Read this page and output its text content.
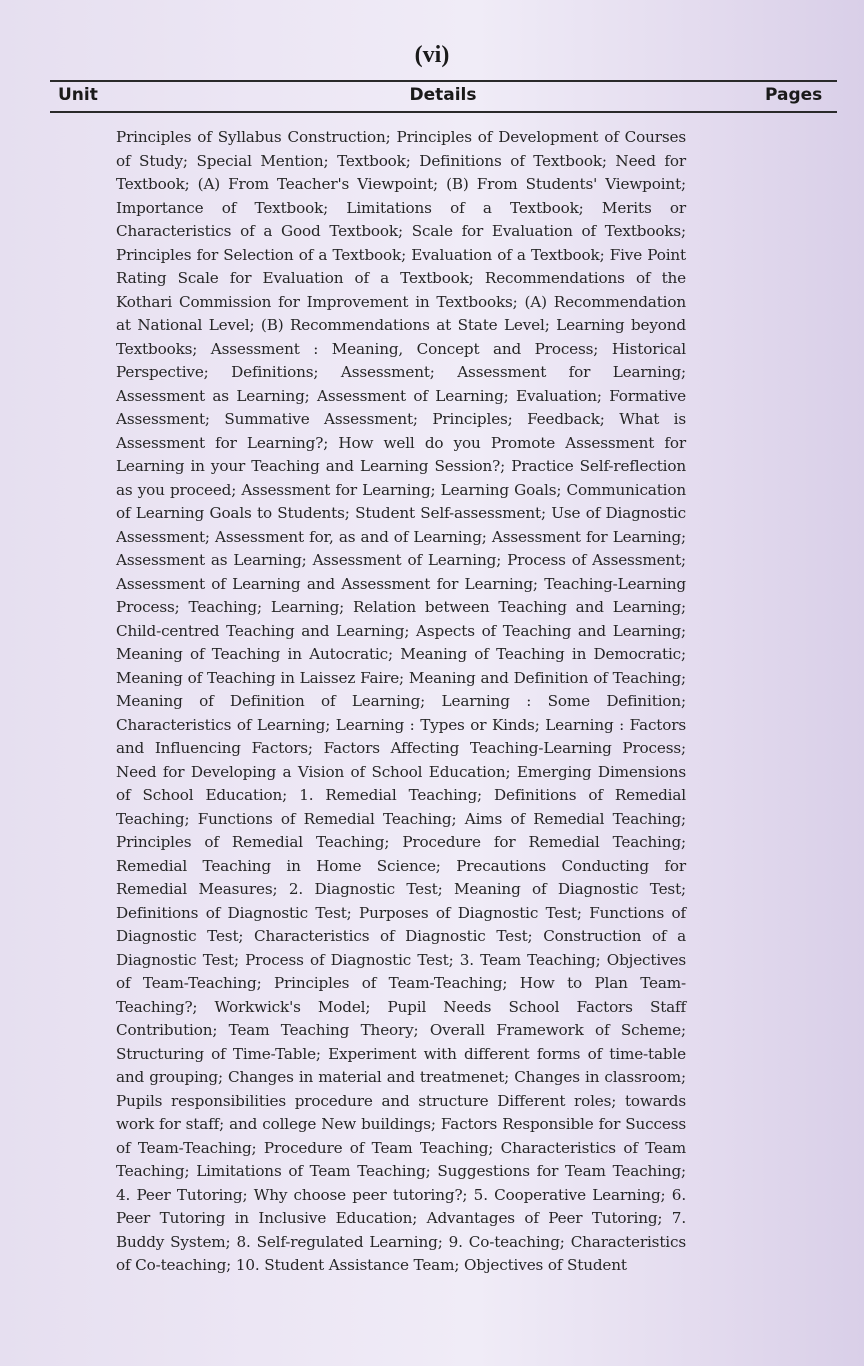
(vi)
Unit	Details	Pages

Principles of Syllabus Construction; Principles of Development of Courses of Study; Special Mention; Textbook; Definitions of Textbook; Need for Textbook; (A) From Teacher's Viewpoint; (B) From Students' Viewpoint; Importance of Textbook; Limitations of a Textbook; Merits or Characteristics of a Good Textbook; Scale for Evaluation of Textbooks; Principles for Selection of a Textbook; Evaluation of a Textbook; Five Point Rating Scale for Evaluation of a Textbook; Recommendations of the Kothari Commission for Improvement in Textbooks; (A) Recommendation at National Level; (B) Recommendations at State Level; Learning beyond Textbooks; Assessment : Meaning, Concept and Process; Historical Perspective; Definitions; Assessment; Assessment for Learning; Assessment as Learning; Assessment of Learning; Evaluation; Formative Assessment; Summative Assessment; Principles; Feedback; What is Assessment for Learning?; How well do you Promote Assessment for Learning in your Teaching and Learning Session?; Practice Self-reflection as you proceed; Assessment for Learning; Learning Goals; Communication of Learning Goals to Students; Student Self-assessment; Use of Diagnostic Assessment; Assessment for, as and of Learning; Assessment for Learning; Assessment as Learning; Assessment of Learning; Process of Assessment; Assessment of Learning and Assessment for Learning; Teaching-Learning Process; Teaching; Learning; Relation between Teaching and Learning; Child-centred Teaching and Learning; Aspects of Teaching and Learning; Meaning of Teaching in Autocratic; Meaning of Teaching in Democratic; Meaning of Teaching in Laissez Faire; Meaning and Definition of Teaching; Meaning of Definition of Learning; Learning : Some Definition; Characteristics of Learning; Learning : Types or Kinds; Learning : Factors and Influencing Factors; Factors Affecting Teaching-Learning Process; Need for Developing a Vision of School Education; Emerging Dimensions of School Education; 1. Remedial Teaching; Definitions of Remedial Teaching; Functions of Remedial Teaching; Aims of Remedial Teaching; Principles of Remedial Teaching; Procedure for Remedial Teaching; Remedial Teaching in Home Science; Precautions Conducting for Remedial Measures; 2. Diagnostic Test; Meaning of Diagnostic Test; Definitions of Diagnostic Test; Purposes of Diagnostic Test; Functions of Diagnostic Test; Characteristics of Diagnostic Test; Construction of a Diagnostic Test; Process of Diagnostic Test; 3. Team Teaching; Objectives of Team-Teaching; Principles of Team-Teaching; How to Plan Team-Teaching?; Workwick's Model; Pupil Needs School Factors Staff Contribution; Team Teaching Theory; Overall Framework of Scheme; Structuring of Time-Table; Experiment with different forms of time-table and grouping; Changes in material and treatmenet; Changes in classroom; Pupils responsibilities procedure and structure Different roles; towards work for staff; and college New buildings; Factors Responsible for Success of Team-Teaching; Procedure of Team Teaching; Characteristics of Team Teaching; Limitations of Team Teaching; Suggestions for Team Teaching; 4. Peer Tutoring; Why choose peer tutoring?; 5. Cooperative Learning; 6. Peer Tutoring in Inclusive Education; Advantages of Peer Tutoring; 7. Buddy System; 8. Self-regulated Learning; 9. Co-teaching; Characteristics of Co-teaching; 10. Student Assistance Team; Objectives of Student
